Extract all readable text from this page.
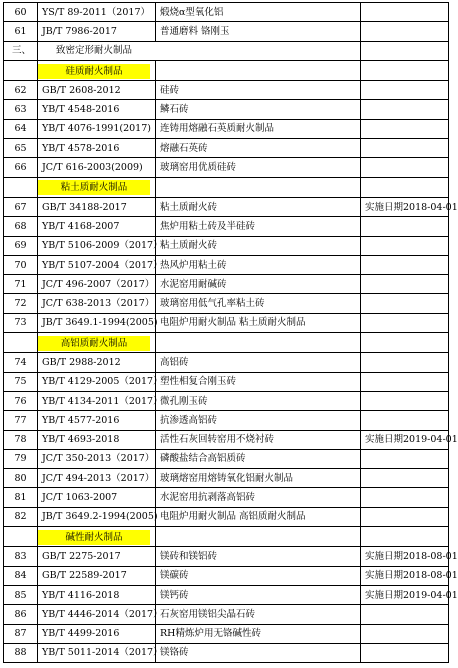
60	YS/T 89-2011（2017）	煅烧α型氧化铝	
61	JB/T 7986-2017	普通磨料 铬刚玉	
三、	致密定形耐火制品		

	硅质耐火制品		

62	GB/T 2608-2012	硅砖	
63	YB/T 4548-2016	鳞石砖	
64	YB/T 4076-1991(2017)	连铸用熔融石英质耐火制品	
65	YB/T 4578-2016	熔融石英砖	
66	JC/T 616-2003(2009)	玻璃窑用优质硅砖	

	粘土质耐火制品		

67	GB/T 34188-2017	粘土质耐火砖	实施日期2018-04-01
68	YB/T 4168-2007	焦炉用粘土砖及半硅砖	
69	YB/T 5106-2009（2017）	粘土质耐火砖	
70	YB/T 5107-2004（2017）	热风炉用粘土砖	
71	JC/T 496-2007（2017）	水泥窑用耐碱砖	
72	JC/T 638-2013（2017）	玻璃窑用低气孔率粘土砖	
73	JB/T 3649.1-1994(2005)	电阻炉用耐火制品 粘土质耐火制品	

	高铝质耐火制品		

74	GB/T 2988-2012	高铝砖	
75	YB/T 4129-2005（2017）	塑性相复合刚玉砖	
76	YB/T 4134-2011（2017）	微孔刚玉砖	
77	YB/T 4577-2016	抗渗透高铝砖	
78	YB/T 4693-2018	活性石灰回转窑用不烧衬砖	实施日期2019-04-01
79	JC/T 350-2013（2017）	磷酸盐结合高铝质砖	
80	JC/T 494-2013（2017）	玻璃熔窑用熔铸氧化铝耐火制品	
81	JC/T 1063-2007	水泥窑用抗剥落高铝砖	
82	JB/T 3649.2-1994(2005)	电阻炉用耐火制品 高铝质耐火制品	

	碱性耐火制品		

83	GB/T 2275-2017	镁砖和镁铝砖	实施日期2018-08-01
84	GB/T 22589-2017	镁碳砖	实施日期2018-08-01
85	YB/T 4116-2018	镁钙砖	实施日期2019-04-01
86	YB/T 4446-2014（2017）	石灰窑用镁铝尖晶石砖	
87	YB/T 4499-2016	RH精炼炉用无铬碱性砖	
88	YB/T 5011-2014（2017）	镁铬砖	
